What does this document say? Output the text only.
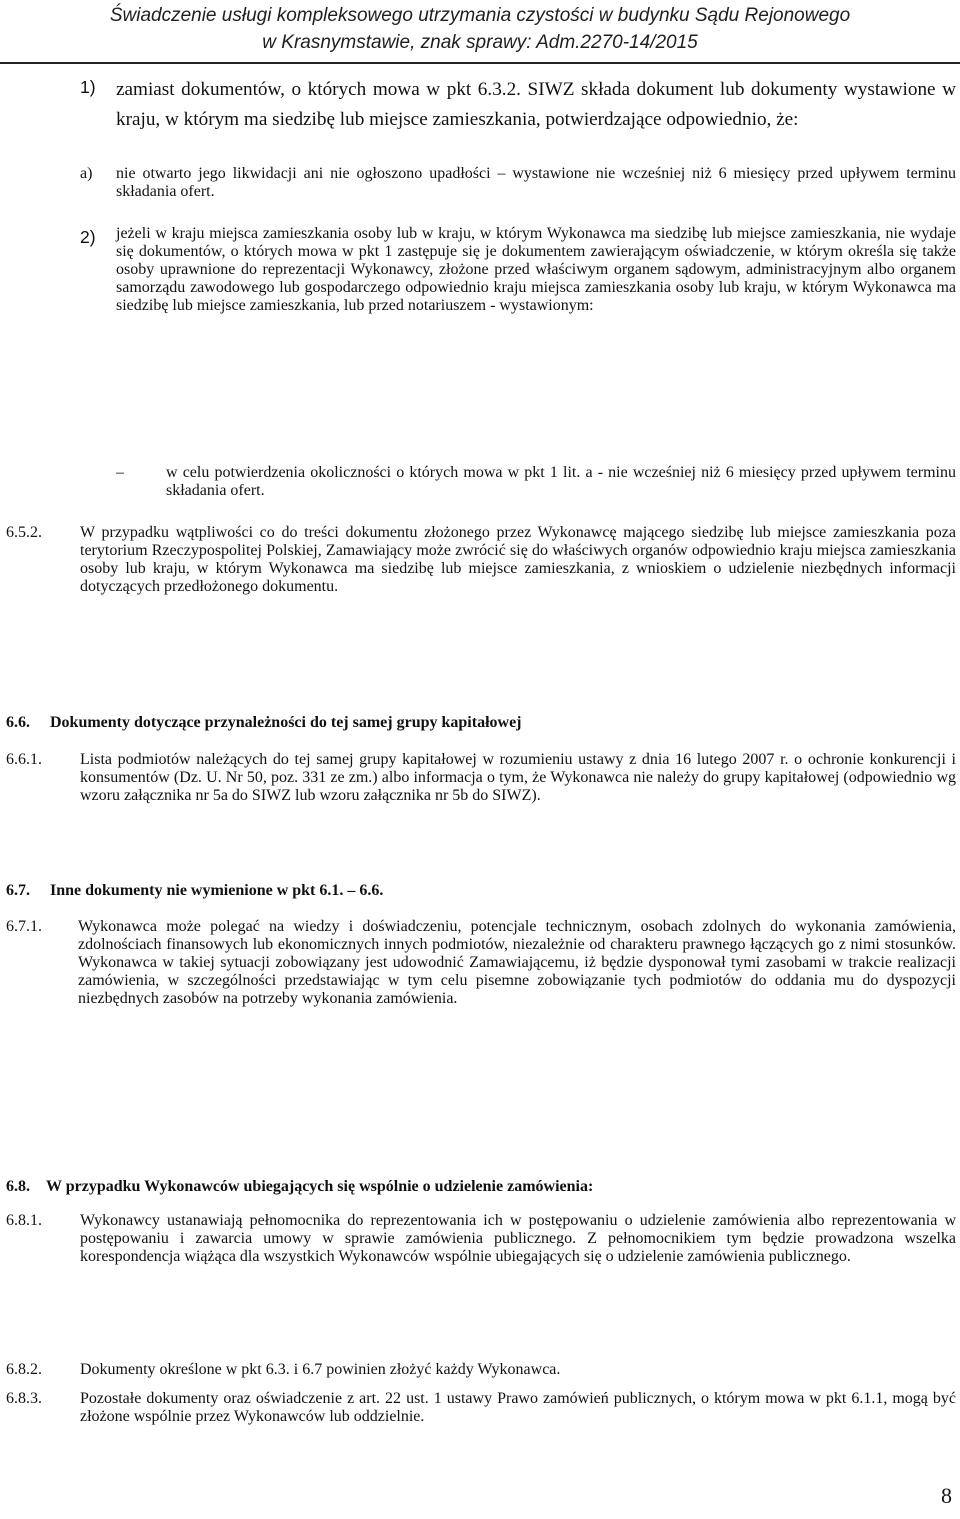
Świadczenie usługi kompleksowego utrzymania czystości w budynku Sądu Rejonowego
w Krasnymstawie, znak sprawy: Adm.2270-14/2015
1) zamiast dokumentów, o których mowa w pkt 6.3.2. SIWZ składa dokument lub dokumenty wystawione w kraju, w którym ma siedzibę lub miejsce zamieszkania, potwierdzające odpowiednio, że:
a) nie otwarto jego likwidacji ani nie ogłoszono upadłości – wystawione nie wcześniej niż 6 miesięcy przed upływem terminu składania ofert.
2) jeżeli w kraju miejsca zamieszkania osoby lub w kraju, w którym Wykonawca ma siedzibę lub miejsce zamieszkania, nie wydaje się dokumentów, o których mowa w pkt 1 zastępuje się je dokumentem zawierającym oświadczenie, w którym określa się także osoby uprawnione do reprezentacji Wykonawcy, złożone przed właściwym organem sądowym, administracyjnym albo organem samorządu zawodowego lub gospodarczego odpowiednio kraju miejsca zamieszkania osoby lub kraju, w którym Wykonawca ma siedzibę lub miejsce zamieszkania, lub przed notariuszem - wystawionym:
–	w celu potwierdzenia okoliczności o których mowa w pkt 1 lit. a - nie wcześniej niż 6 miesięcy przed upływem terminu składania ofert.
6.5.2. W przypadku wątpliwości co do treści dokumentu złożonego przez Wykonawcę mającego siedzibę lub miejsce zamieszkania poza terytorium Rzeczypospolitej Polskiej, Zamawiający może zwrócić się do właściwych organów odpowiednio kraju miejsca zamieszkania osoby lub kraju, w którym Wykonawca ma siedzibę lub miejsce zamieszkania, z wnioskiem o udzielenie niezbędnych informacji dotyczących przedłożonego dokumentu.
6.6. Dokumenty dotyczące przynależności do tej samej grupy kapitałowej
6.6.1. Lista podmiotów należących do tej samej grupy kapitałowej w rozumieniu ustawy z dnia 16 lutego 2007 r. o ochronie konkurencji i konsumentów (Dz. U. Nr 50, poz. 331 ze zm.) albo informacja o tym, że Wykonawca nie należy do grupy kapitałowej (odpowiednio wg wzoru załącznika nr 5a do SIWZ lub wzoru załącznika nr 5b do SIWZ).
6.7. Inne dokumenty nie wymienione w pkt 6.1. – 6.6.
6.7.1. Wykonawca może polegać na wiedzy i doświadczeniu, potencjale technicznym, osobach zdolnych do wykonania zamówienia, zdolnościach finansowych lub ekonomicznych innych podmiotów, niezależnie od charakteru prawnego łączących go z nimi stosunków. Wykonawca w takiej sytuacji zobowiązany jest udowodnić Zamawiającemu, iż będzie dysponował tymi zasobami w trakcie realizacji zamówienia, w szczególności przedstawiając w tym celu pisemne zobowiązanie tych podmiotów do oddania mu do dyspozycji niezbędnych zasobów na potrzeby wykonania zamówienia.
6.8. W przypadku Wykonawców ubiegających się wspólnie o udzielenie zamówienia:
6.8.1. Wykonawcy ustanawiają pełnomocnika do reprezentowania ich w postępowaniu o udzielenie zamówienia albo reprezentowania w postępowaniu i zawarcia umowy w sprawie zamówienia publicznego. Z pełnomocnikiem tym będzie prowadzona wszelka korespondencja wiążąca dla wszystkich Wykonawców wspólnie ubiegających się o udzielenie zamówienia publicznego.
6.8.2. Dokumenty określone w pkt 6.3. i 6.7 powinien złożyć każdy Wykonawca.
6.8.3. Pozostałe dokumenty oraz oświadczenie z art. 22 ust. 1 ustawy Prawo zamówień publicznych, o którym mowa w pkt 6.1.1, mogą być złożone wspólnie przez Wykonawców lub oddzielnie.
8
